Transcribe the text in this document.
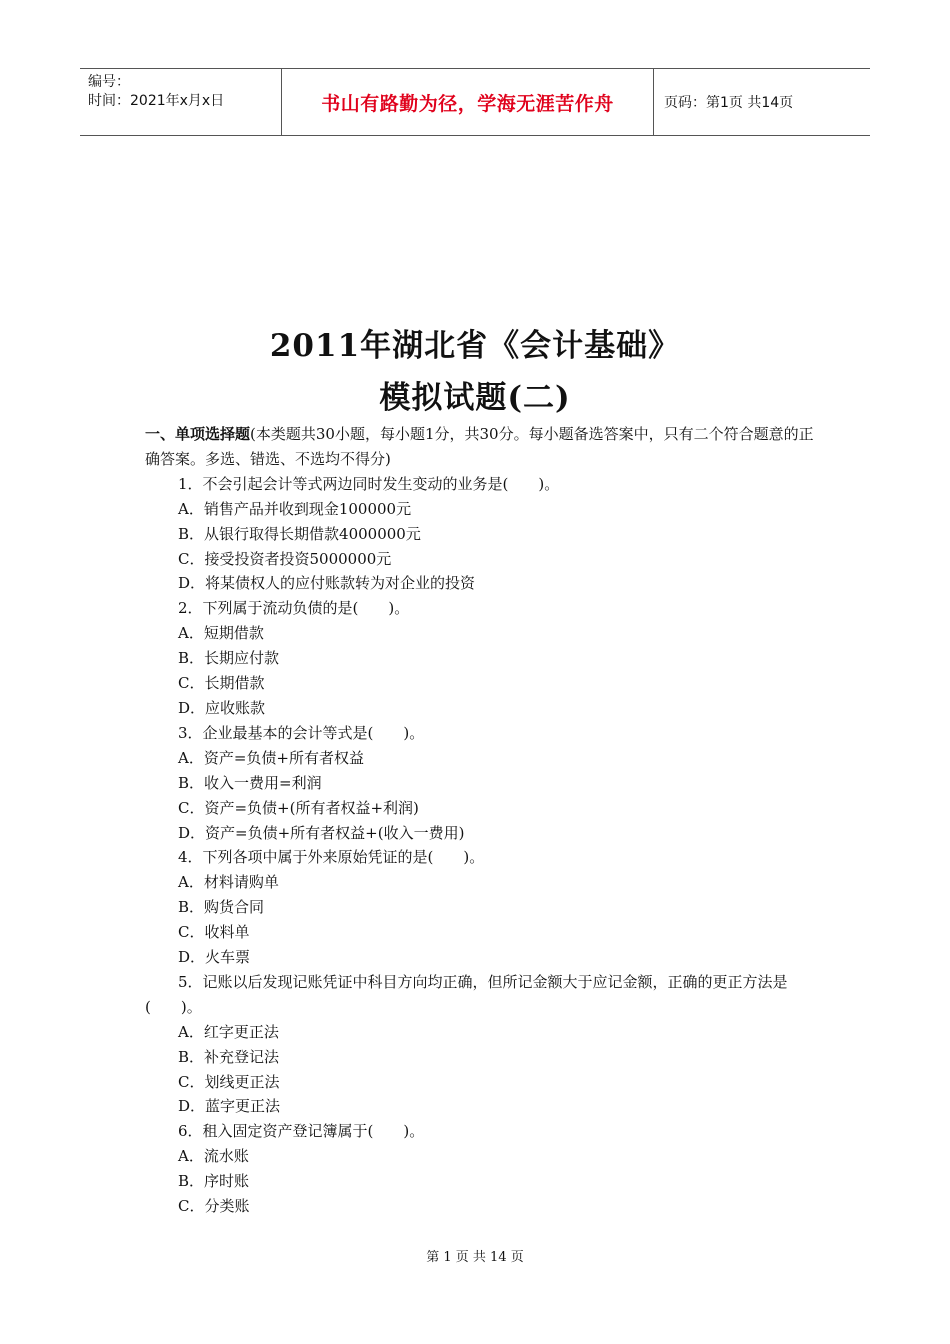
编号：
时间：2021年x月x日	书山有路勤为径，学海无涯苦作舟	页码：第1页 共14页
2011年湖北省《会计基础》
模拟试题(二)

一、单项选择题(本类题共30小题，每小题1分，共30分。每小题备选答案中，只有二个符合题意的正确答案。多选、错选、不选均不得分)

1．不会引起会计等式两边同时发生变动的业务是(　　)。

A．销售产品并收到现金100000元

B．从银行取得长期借款4000000元

C．接受投资者投资5000000元

D．将某债权人的应付账款转为对企业的投资

2．下列属于流动负债的是(　　)。

A．短期借款

B．长期应付款

C．长期借款

D．应收账款

3．企业最基本的会计等式是(　　)。

A．资产=负债+所有者权益

B．收入一费用=利润

C．资产=负债+(所有者权益+利润)

D．资产=负债+所有者权益+(收入一费用)

4．下列各项中属于外来原始凭证的是(　　)。

A．材料请购单

B．购货合同

C．收料单

D．火车票

5．记账以后发现记账凭证中科目方向均正确，但所记金额大于应记金额，正确的更正方法是(　　)。

A．红字更正法

B．补充登记法

C．划线更正法

D．蓝字更正法

6．租入固定资产登记簿属于(　　)。

A．流水账

B．序时账

C．分类账

第 1 页 共 14 页
